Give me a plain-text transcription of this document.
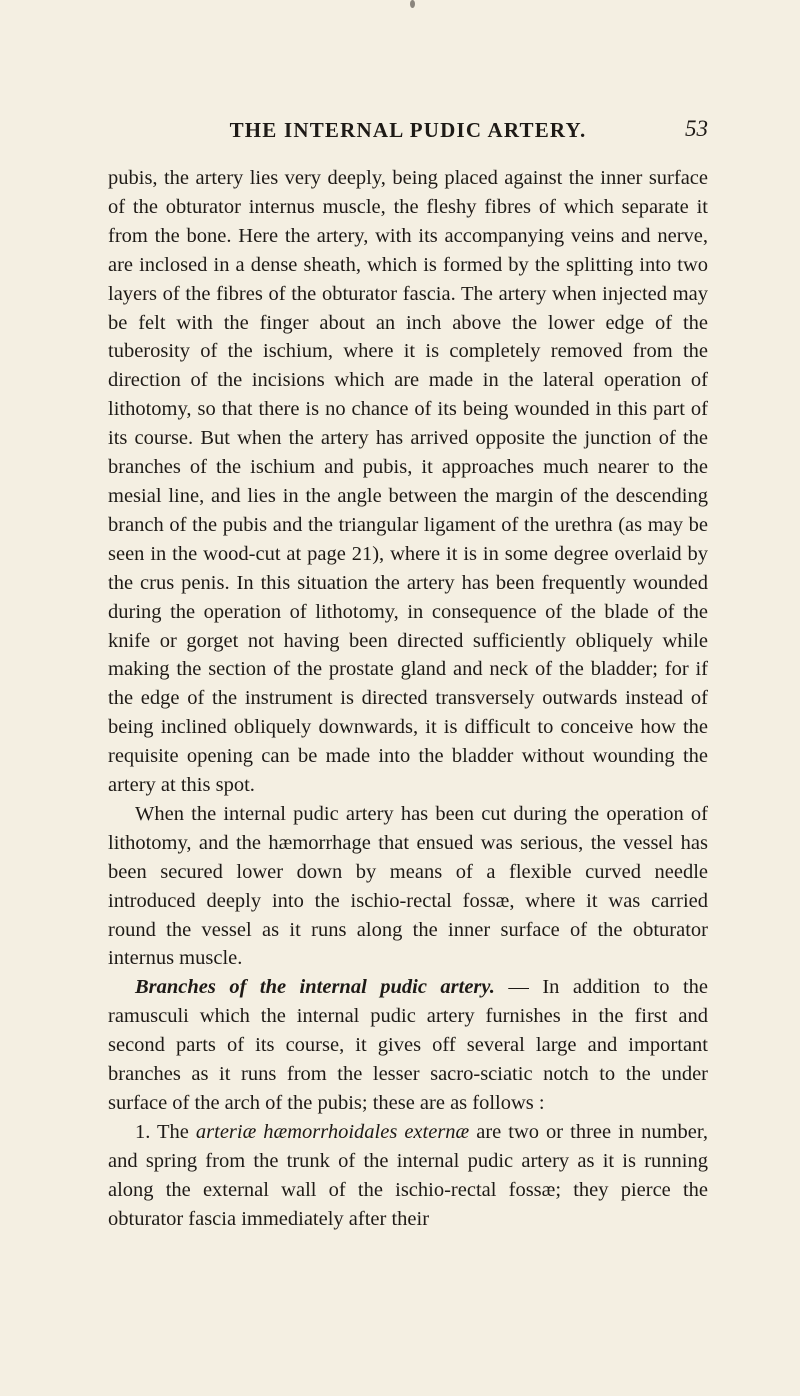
THE INTERNAL PUDIC ARTERY.	53

pubis, the artery lies very deeply, being placed against the inner surface of the obturator internus muscle, the fleshy fibres of which separate it from the bone. Here the artery, with its accompanying veins and nerve, are inclosed in a dense sheath, which is formed by the splitting into two layers of the fibres of the obturator fascia. The artery when injected may be felt with the finger about an inch above the lower edge of the tuberosity of the ischium, where it is completely removed from the direction of the incisions which are made in the lateral operation of lithotomy, so that there is no chance of its being wounded in this part of its course. But when the artery has arrived opposite the junction of the branches of the ischium and pubis, it approaches much nearer to the mesial line, and lies in the angle between the margin of the descending branch of the pubis and the triangular ligament of the urethra (as may be seen in the wood-cut at page 21), where it is in some degree overlaid by the crus penis. In this situation the artery has been frequently wounded during the operation of lithotomy, in consequence of the blade of the knife or gorget not having been directed sufficiently obliquely while making the section of the prostate gland and neck of the bladder; for if the edge of the instrument is directed transversely outwards instead of being inclined obliquely downwards, it is difficult to conceive how the requisite opening can be made into the bladder without wounding the artery at this spot.

When the internal pudic artery has been cut during the operation of lithotomy, and the hæmorrhage that ensued was serious, the vessel has been secured lower down by means of a flexible curved needle introduced deeply into the ischio-rectal fossæ, where it was carried round the vessel as it runs along the inner surface of the obturator internus muscle.

Branches of the internal pudic artery. — In addition to the ramusculi which the internal pudic artery furnishes in the first and second parts of its course, it gives off several large and important branches as it runs from the lesser sacro-sciatic notch to the under surface of the arch of the pubis; these are as follows :

1. The arteriæ hæmorrhoidales externæ are two or three in number, and spring from the trunk of the internal pudic artery as it is running along the external wall of the ischio-rectal fossæ; they pierce the obturator fascia immediately after their
